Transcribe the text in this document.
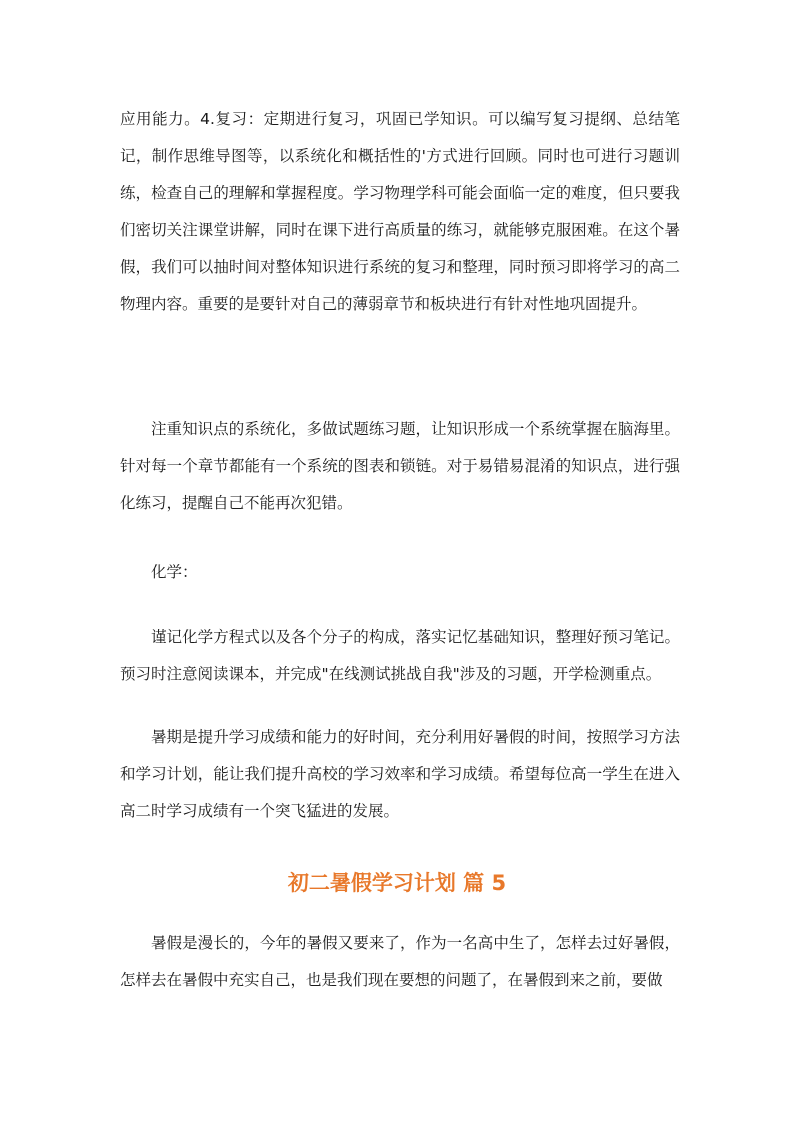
应用能力。4.复习：定期进行复习，巩固已学知识。可以编写复习提纲、总结笔记，制作思维导图等，以系统化和概括性的'方式进行回顾。同时也可进行习题训练，检查自己的理解和掌握程度。学习物理学科可能会面临一定的难度，但只要我们密切关注课堂讲解，同时在课下进行高质量的练习，就能够克服困难。在这个暑假，我们可以抽时间对整体知识进行系统的复习和整理，同时预习即将学习的高二物理内容。重要的是要针对自己的薄弱章节和板块进行有针对性地巩固提升。

注重知识点的系统化，多做试题练习题，让知识形成一个系统掌握在脑海里。针对每一个章节都能有一个系统的图表和锁链。对于易错易混淆的知识点，进行强化练习，提醒自己不能再次犯错。

化学：

谨记化学方程式以及各个分子的构成，落实记忆基础知识，整理好预习笔记。预习时注意阅读课本，并完成"在线测试挑战自我"涉及的习题，开学检测重点。

暑期是提升学习成绩和能力的好时间，充分利用好暑假的时间，按照学习方法和学习计划，能让我们提升高校的学习效率和学习成绩。希望每位高一学生在进入高二时学习成绩有一个突飞猛进的发展。

初二暑假学习计划 篇 5

暑假是漫长的，今年的暑假又要来了，作为一名高中生了，怎样去过好暑假，怎样去在暑假中充实自己，也是我们现在要想的问题了，在暑假到来之前，要做
